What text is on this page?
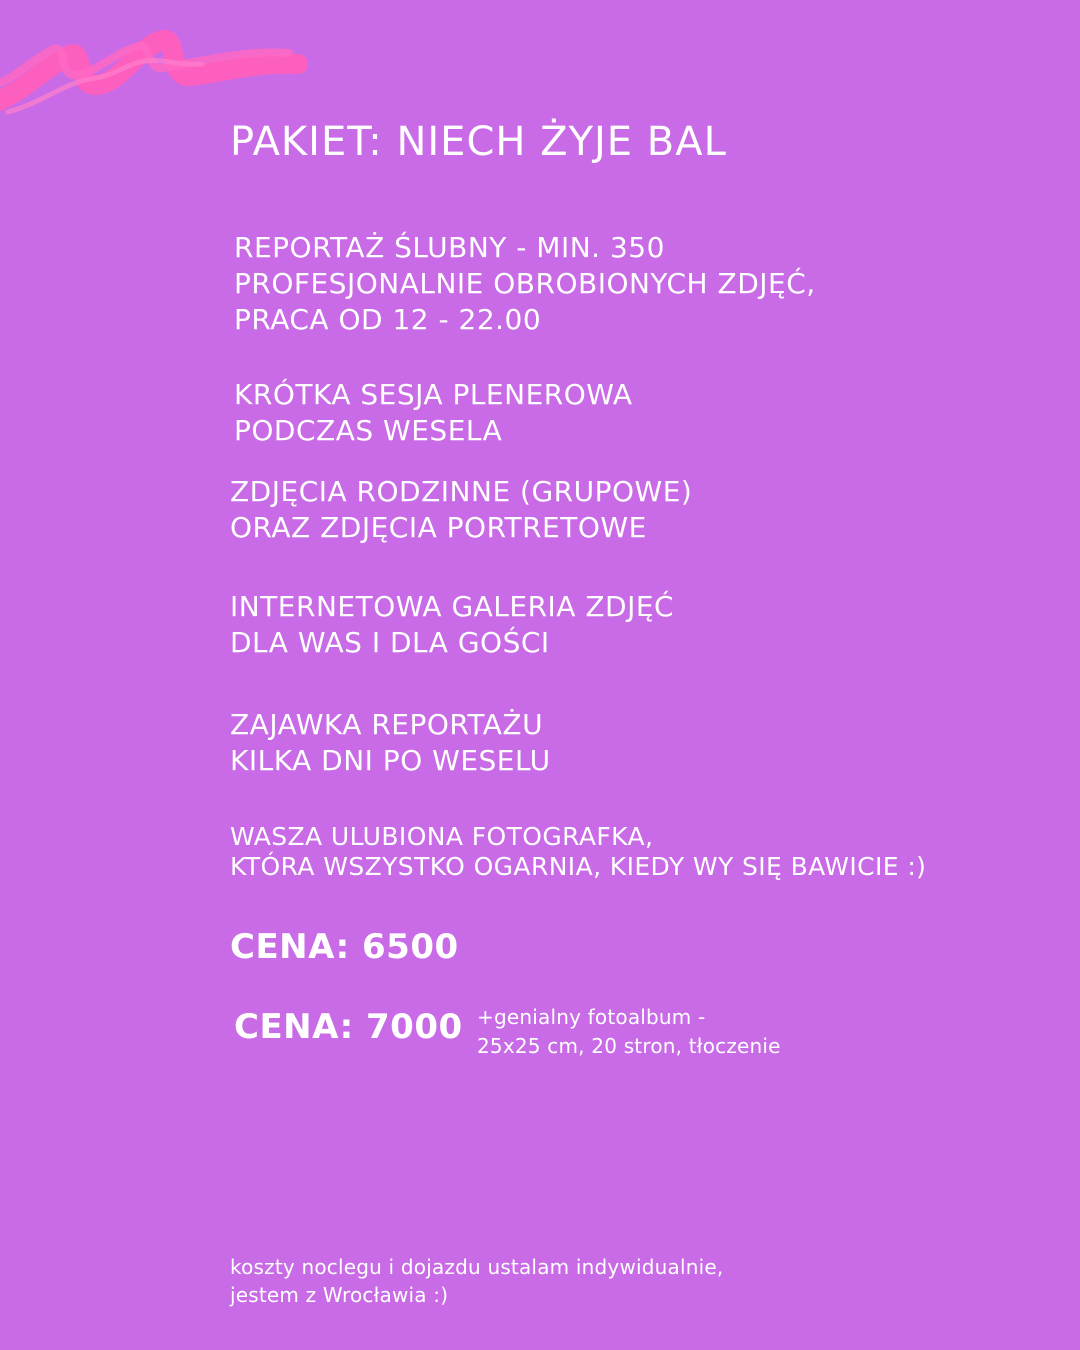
PAKIET: NIECH ŻYJE BAL
REPORTAŻ ŚLUBNY - MIN. 350
PROFESJONALNIE OBROBIONYCH ZDJĘĆ,
PRACA OD 12 - 22.00
KRÓTKA SESJA PLENEROWA
PODCZAS WESELA
ZDJĘCIA RODZINNE (GRUPOWE)
ORAZ ZDJĘCIA PORTRETOWE
INTERNETOWA GALERIA ZDJĘĆ
DLA WAS I DLA GOŚCI
ZAJAWKA REPORTAŻU
KILKA DNI PO WESELU
WASZA ULUBIONA FOTOGRAFKA,
KTÓRA WSZYSTKO OGARNIA, KIEDY WY SIĘ BAWICIE :)
CENA: 6500
CENA: 7000 +genialny fotoalbum -
25x25 cm, 20 stron, tłoczenie
koszty noclegu i dojazdu ustalam indywidualnie,
jestem z Wrocławia :)
